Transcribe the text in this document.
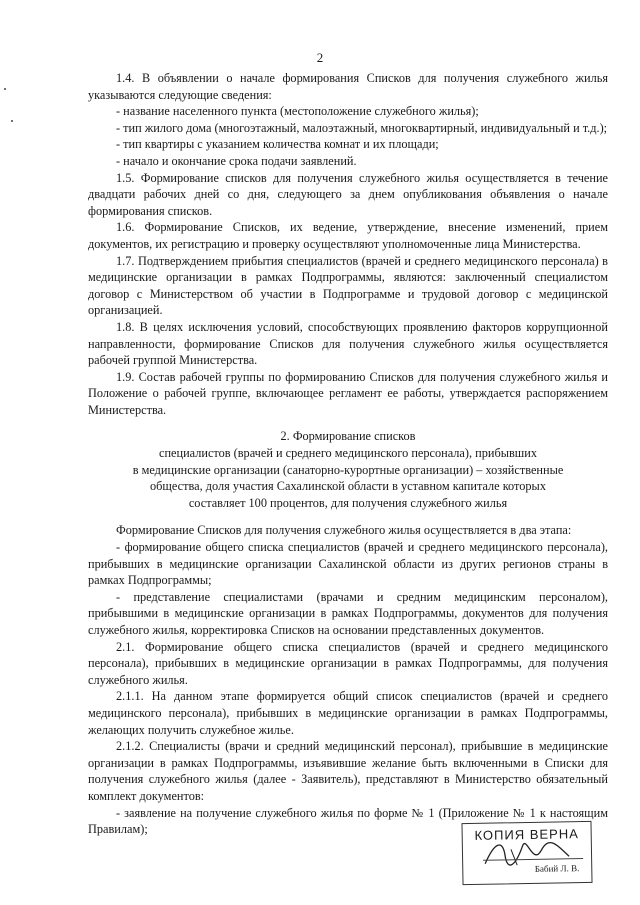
2

1.4. В объявлении о начале формирования Списков для получения служебного жилья указываются следующие сведения:

- название населенного пункта (местоположение служебного жилья);

- тип жилого дома (многоэтажный, малоэтажный, многоквартирный, индивидуальный и т.д.);

- тип квартиры с указанием количества комнат и их площади;

- начало и окончание срока подачи заявлений.

1.5. Формирование списков для получения служебного жилья осуществляется в течение двадцати рабочих дней со дня, следующего за днем опубликования объявления о начале формирования списков.

1.6. Формирование Списков, их ведение, утверждение, внесение изменений, прием документов, их регистрацию и проверку осуществляют уполномоченные лица Министерства.

1.7. Подтверждением прибытия специалистов (врачей и среднего медицинского персонала) в медицинские организации в рамках Подпрограммы, являются: заключенный специалистом договор с Министерством об участии в Подпрограмме и трудовой договор с медицинской организацией.

1.8. В целях исключения условий, способствующих проявлению факторов коррупционной направленности, формирование Списков для получения служебного жилья осуществляется рабочей группой Министерства.

1.9. Состав рабочей группы по формированию Списков для получения служебного жилья и Положение о рабочей группе, включающее регламент ее работы, утверждается распоряжением Министерства.

2. Формирование списков
специалистов (врачей и среднего медицинского персонала), прибывших
в медицинские организации (санаторно-курортные организации) – хозяйственные
общества, доля участия Сахалинской области в уставном капитале которых
составляет 100 процентов, для получения служебного жилья

Формирование Списков для получения служебного жилья осуществляется в два этапа:

- формирование общего списка специалистов (врачей и среднего медицинского персонала), прибывших в медицинские организации Сахалинской области из других регионов страны в рамках Подпрограммы;

- представление специалистами (врачами и средним медицинским персоналом), прибывшими в медицинские организации в рамках Подпрограммы, документов для получения служебного жилья, корректировка Списков на основании представленных документов.

2.1. Формирование общего списка специалистов (врачей и среднего медицинского персонала), прибывших в медицинские организации в рамках Подпрограммы, для получения служебного жилья.

2.1.1. На данном этапе формируется общий список специалистов (врачей и среднего медицинского персонала), прибывших в медицинские организации в рамках Подпрограммы, желающих получить служебное жилье.

2.1.2. Специалисты (врачи и средний медицинский персонал), прибывшие в медицинские организации в рамках Подпрограммы, изъявившие желание быть включенными в Списки для получения служебного жилья (далее - Заявитель), представляют в Министерство обязательный комплект документов:

- заявление на получение служебного жилья по форме № 1 (Приложение № 1 к настоящим Правилам);	КОПИЯ ВЕРНА
Бабий Л. В.
